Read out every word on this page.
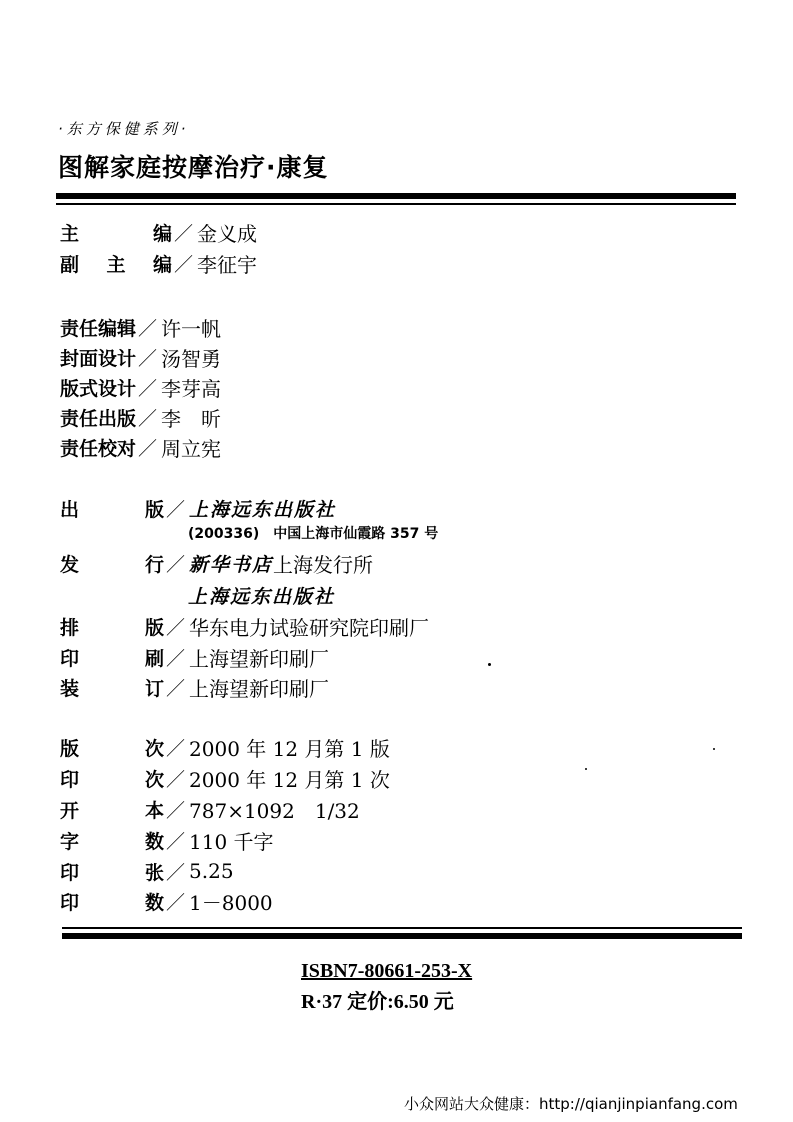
·东方保健系列·
图解家庭按摩治疗·康复
主	编 ／ 金义成
副 主 编 ／ 李征宇
责任编辑 ／ 许一帆
封面设计 ／ 汤智勇
版式设计 ／ 李芽高
责任出版 ／ 李　昕
责任校对 ／ 周立宪
出	版 ／ 上海远东出版社
(200336)　中国上海市仙霞路 357 号
发	行 ／ 新华书店 上海发行所
上海远东出版社
排	版 ／ 华东电力试验研究院印刷厂
印	刷 ／ 上海望新印刷厂
装	订 ／ 上海望新印刷厂
版	次 ／ 2000 年 12 月第 1 版
印	次 ／ 2000 年 12 月第 1 次
开	本 ／ 787×1092　1/32
字	数 ／ 110 千字
印	张 ／ 5.25
印	数 ／ 1－8000
ISBN7-80661-253-X
R·37 定价:6.50 元
小众网站大众健康：http://qianjinpianfang.com
